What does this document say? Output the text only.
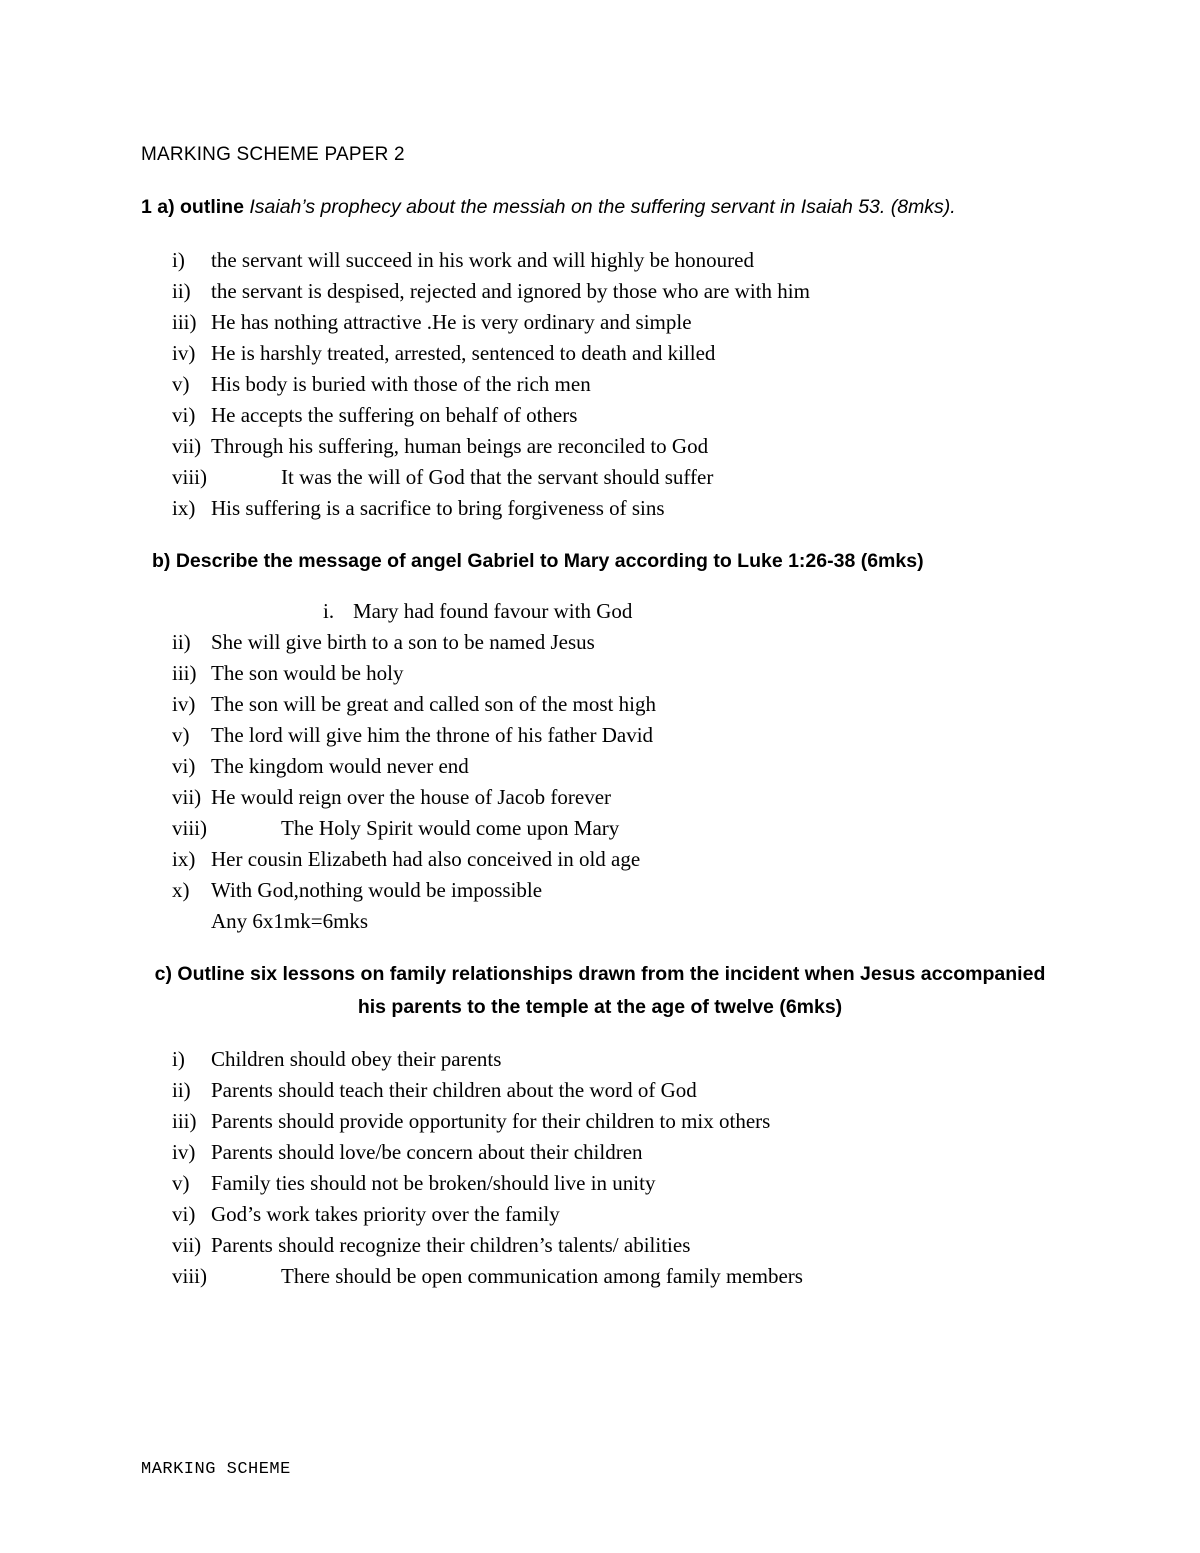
MARKING SCHEME PAPER 2
1 a) outline Isaiah’s prophecy about the messiah on the suffering servant in Isaiah 53. (8mks).
i) the servant will succeed in his work and will highly be honoured
ii) the servant is despised, rejected and ignored by those who are with him
iii) He has nothing attractive .He is very ordinary and simple
iv) He is harshly treated, arrested, sentenced to death and killed
v) His body is buried with those of the rich men
vi) He accepts the suffering on behalf of others
vii) Through his suffering, human beings are reconciled to God
viii)	It was the will of God that the servant should suffer
ix) His suffering is a sacrifice to bring forgiveness of sins
b) Describe the message of angel Gabriel to Mary according to Luke 1:26-38 (6mks)
i. Mary had found favour with God
ii) She will give birth to a son to be named Jesus
iii) The son would be holy
iv) The son will be great and called son of the most high
v) The lord will give him the throne of his father David
vi) The kingdom would never end
vii) He would reign over the house of Jacob forever
viii)	The Holy Spirit would come upon Mary
ix) Her cousin Elizabeth had also conceived in old age
x) With God,nothing would be impossible
Any 6x1mk=6mks
c) Outline six lessons on family relationships drawn from the incident when Jesus accompanied
his parents to the temple at the age of twelve (6mks)
i) Children should obey their parents
ii) Parents should teach their children about the word of God
iii) Parents should provide opportunity for their children to mix others
iv) Parents should love/be concern about their children
v) Family ties should not be broken/should live in unity
vi) God’s work takes priority over the family
vii) Parents should recognize their children’s talents/ abilities
viii)	There should be open communication among family members
MARKING SCHEME
